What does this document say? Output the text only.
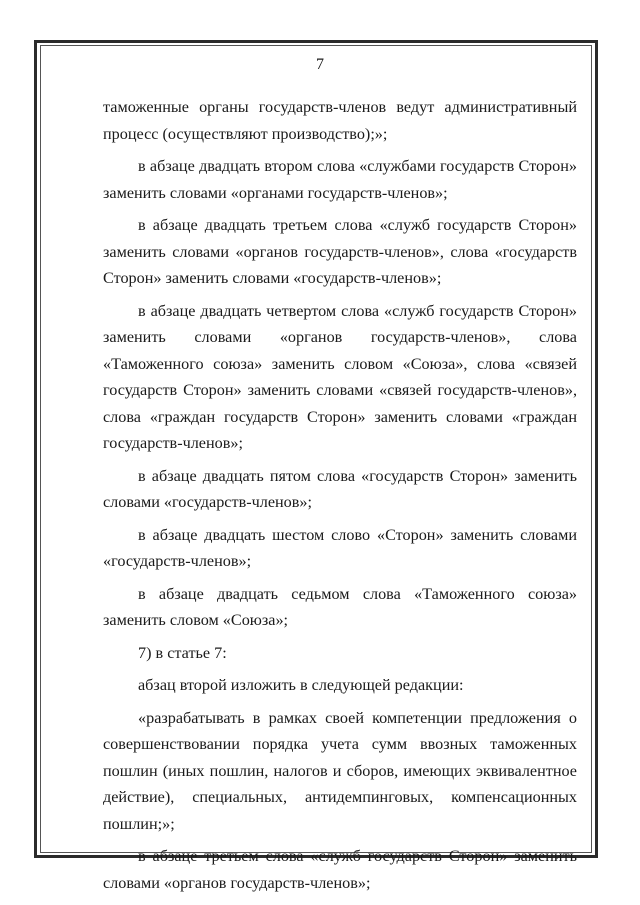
7

таможенные органы государств-членов ведут административный процесс (осуществляют производство);»;

в абзаце двадцать втором слова «службами государств Сторон» заменить словами «органами государств-членов»;

в абзаце двадцать третьем слова «служб государств Сторон» заменить словами «органов государств-членов», слова «государств Сторон» заменить словами «государств-членов»;

в абзаце двадцать четвертом слова «служб государств Сторон» заменить словами «органов государств-членов», слова «Таможенного союза» заменить словом «Союза», слова «связей государств Сторон» заменить словами «связей государств-членов», слова «граждан государств Сторон» заменить словами «граждан государств-членов»;

в абзаце двадцать пятом слова «государств Сторон» заменить словами «государств-членов»;

в абзаце двадцать шестом слово «Сторон» заменить словами «государств-членов»;

в абзаце двадцать седьмом слова «Таможенного союза» заменить словом «Союза»;

7) в статье 7:

абзац второй изложить в следующей редакции:

«разрабатывать в рамках своей компетенции предложения о совершенствовании порядка учета сумм ввозных таможенных пошлин (иных пошлин, налогов и сборов, имеющих эквивалентное действие), специальных, антидемпинговых, компенсационных пошлин;»;

в абзаце третьем слова «служб государств Сторон» заменить словами «органов государств-членов»;
